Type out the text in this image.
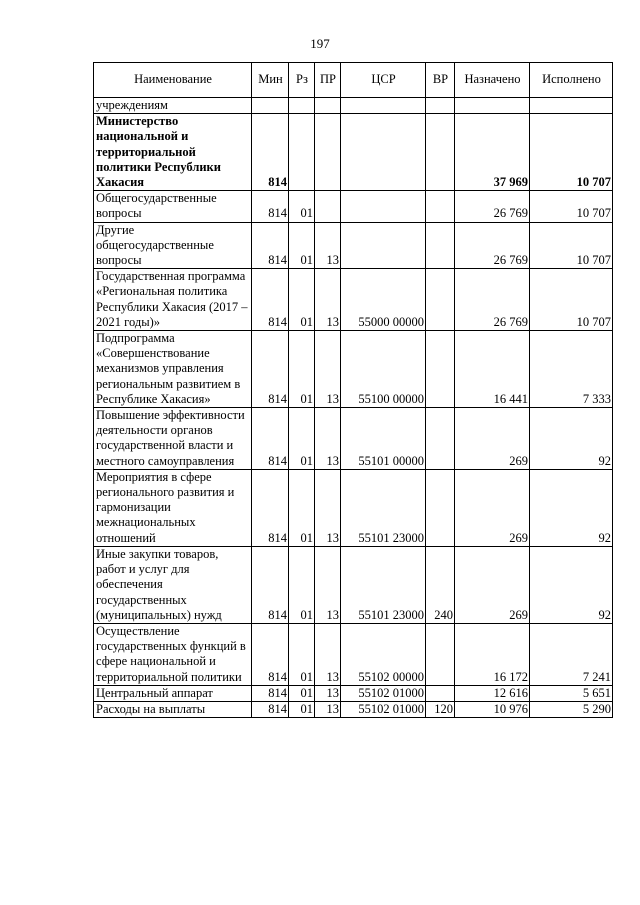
197
Наименование	Мин	Рз	ПР	ЦСР	ВР	Назначено	Исполнено
учреждениям							
Министерство национальной и территориальной политики Республики Хакасия	814					37 969	10 707
Общегосударственные вопросы	814	01				26 769	10 707
Другие общегосударственные вопросы	814	01	13			26 769	10 707
Государственная программа «Региональная политика Республики Хакасия (2017 – 2021 годы)»	814	01	13	55000 00000		26 769	10 707
Подпрограмма «Совершенствование механизмов управления региональным развитием в Республике Хакасия»	814	01	13	55100 00000		16 441	7 333
Повышение эффективности деятельности органов государственной власти и местного самоуправления	814	01	13	55101 00000		269	92
Мероприятия в сфере регионального развития и гармонизации межнациональных отношений	814	01	13	55101 23000		269	92
Иные закупки товаров, работ и услуг для обеспечения государственных (муниципальных) нужд	814	01	13	55101 23000	240	269	92
Осуществление государственных функций в сфере национальной и территориальной политики	814	01	13	55102 00000		16 172	7 241
Центральный аппарат	814	01	13	55102 01000		12 616	5 651
Расходы на выплаты	814	01	13	55102 01000	120	10 976	5 290
